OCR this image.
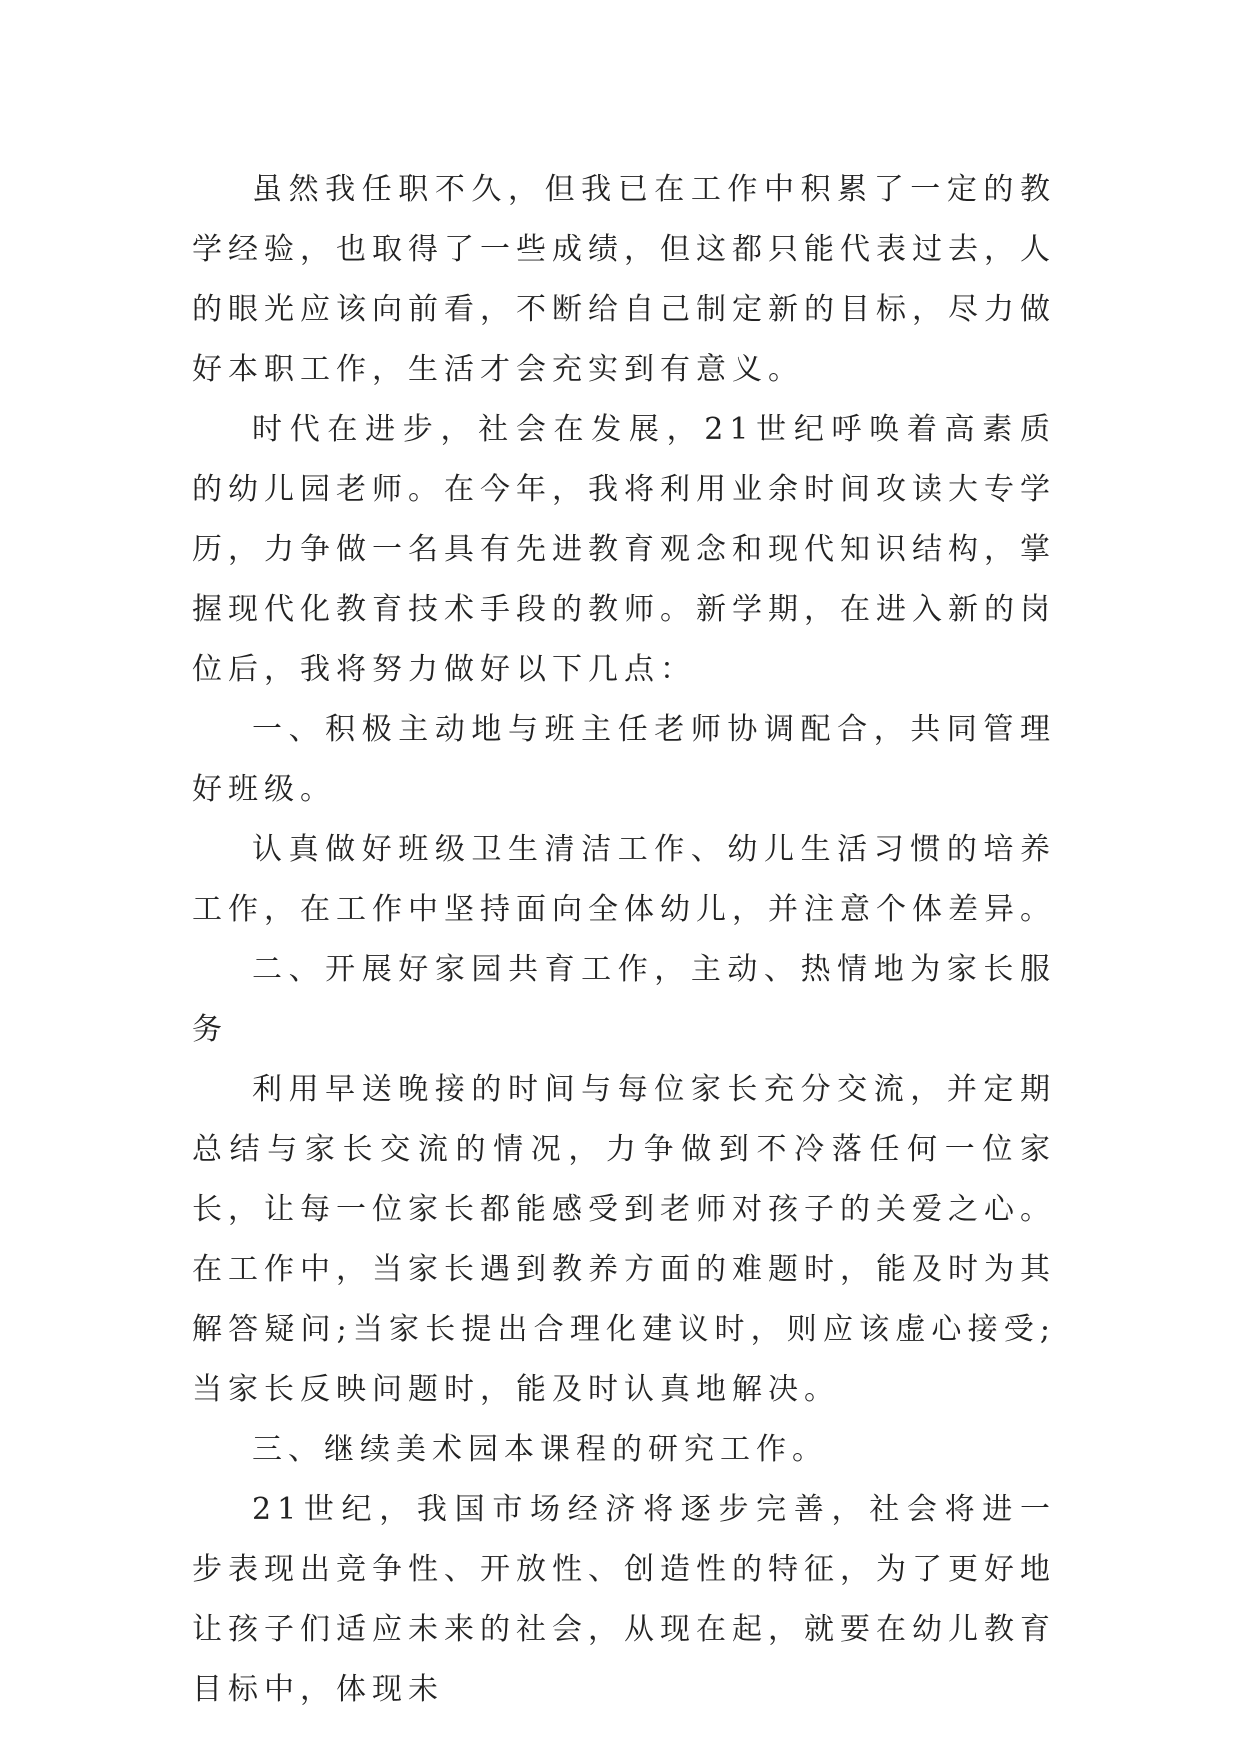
虽然我任职不久，但我已在工作中积累了一定的教学经验，也取得了一些成绩，但这都只能代表过去，人的眼光应该向前看，不断给自己制定新的目标，尽力做好本职工作，生活才会充实到有意义。

时代在进步，社会在发展，21世纪呼唤着高素质的幼儿园老师。在今年，我将利用业余时间攻读大专学历，力争做一名具有先进教育观念和现代知识结构，掌握现代化教育技术手段的教师。新学期，在进入新的岗位后，我将努力做好以下几点：

一、积极主动地与班主任老师协调配合，共同管理好班级。

认真做好班级卫生清洁工作、幼儿生活习惯的培养工作，在工作中坚持面向全体幼儿，并注意个体差异。

二、开展好家园共育工作，主动、热情地为家长服务

利用早送晚接的时间与每位家长充分交流，并定期总结与家长交流的情况，力争做到不冷落任何一位家长，让每一位家长都能感受到老师对孩子的关爱之心。在工作中，当家长遇到教养方面的难题时，能及时为其解答疑问;当家长提出合理化建议时，则应该虚心接受;当家长反映问题时，能及时认真地解决。

三、继续美术园本课程的研究工作。

21世纪，我国市场经济将逐步完善，社会将进一步表现出竞争性、开放性、创造性的特征，为了更好地让孩子们适应未来的社会，从现在起，就要在幼儿教育目标中，体现未
